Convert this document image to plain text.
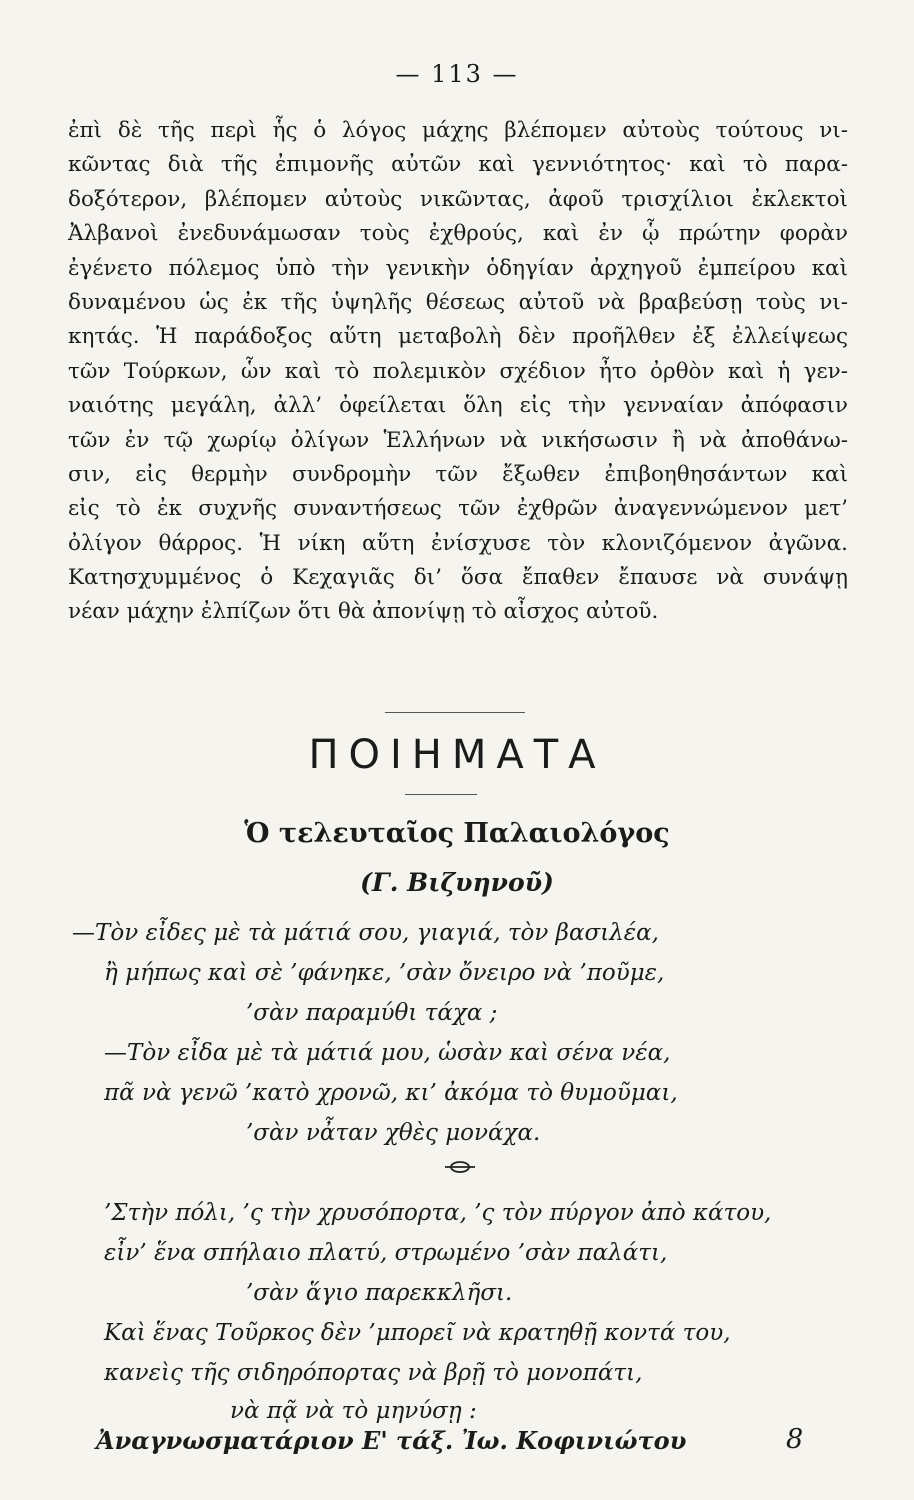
— 113 —
ἐπὶ δὲ τῆς περὶ ἧς ὁ λόγος μάχης βλέπομεν αὐτοὺς τούτους νι-
κῶντας διὰ τῆς ἐπιμονῆς αὐτῶν καὶ γεννιότητος· καὶ τὸ παρα-
δοξότερον, βλέπομεν αὐτοὺς νικῶντας, ἀφοῦ τρισχίλιοι ἐκλεκτοὶ
Ἀλβανοὶ ἐνεδυνάμωσαν τοὺς ἐχθρούς, καὶ ἐν ᾧ πρώτην φορὰν
ἐγένετο πόλεμος ὑπὸ τὴν γενικὴν ὁδηγίαν ἀρχηγοῦ ἐμπείρου καὶ
δυναμένου ὡς ἐκ τῆς ὑψηλῆς θέσεως αὐτοῦ νὰ βραβεύσῃ τοὺς νι-
κητάς. Ἡ παράδοξος αὕτη μεταβολὴ δὲν προῆλθεν ἐξ ἐλλείψεως
τῶν Τούρκων, ὧν καὶ τὸ πολεμικὸν σχέδιον ἦτο ὀρθὸν καὶ ἡ γεν-
ναιότης μεγάλη, ἀλλ’ ὀφείλεται ὅλη εἰς τὴν γενναίαν ἀπόφασιν
τῶν ἐν τῷ χωρίῳ ὀλίγων Ἑλλήνων νὰ νικήσωσιν ἢ νὰ ἀποθάνω-
σιν, εἰς θερμὴν συνδρομὴν τῶν ἔξωθεν ἐπιβοηθησάντων καὶ
εἰς τὸ ἐκ συχνῆς συναντήσεως τῶν ἐχθρῶν ἀναγεννώμενον μετ’
ὀλίγον θάρρος. Ἡ νίκη αὕτη ἐνίσχυσε τὸν κλονιζόμενον ἀγῶνα.
Κατησχυμμένος ὁ Κεχαγιᾶς δι’ ὅσα ἔπαθεν ἔπαυσε νὰ συνάψῃ
νέαν μάχην ἐλπίζων ὅτι θὰ ἀπονίψῃ τὸ αἶσχος αὐτοῦ.
ΠΟΙΗΜΑΤΑ
Ὁ τελευταῖος Παλαιολόγος
(Γ. Βιζυηνοῦ)
—Τὸν εἶδες μὲ τὰ μάτιά σου, γιαγιά, τὸν βασιλέα,
ἢ μήπως καὶ σὲ ’φάνηκε, ’σὰν ὄνειρο νὰ ’ποῦμε,
’σὰν παραμύθι τάχα ;
—Τὸν εἶδα μὲ τὰ μάτιά μου, ὡσὰν καὶ σένα νέα,
πᾶ νὰ γενῶ ’κατὸ χρονῶ, κι’ ἀκόμα τὸ θυμοῦμαι,
’σὰν νἆταν χθὲς μονάχα.
’Στὴν πόλι, ’ς τὴν χρυσόπορτα, ’ς τὸν πύργον ἀπὸ κάτου,
εἶν’ ἕνα σπήλαιο πλατύ, στρωμένο ’σὰν παλάτι,
’σὰν ἅγιο παρεκκλῆσι.
Καὶ ἕνας Τοῦρκος δὲν ’μπορεῖ νὰ κρατηθῇ κοντά του,
κανεὶς τῆς σιδηρόπορτας νὰ βρῇ τὸ μονοπάτι,
νὰ πᾷ νὰ τὸ μηνύσῃ :
Ἀναγνωσματάριον Ε' τάξ. Ἰω. Κοφινιώτου	8
